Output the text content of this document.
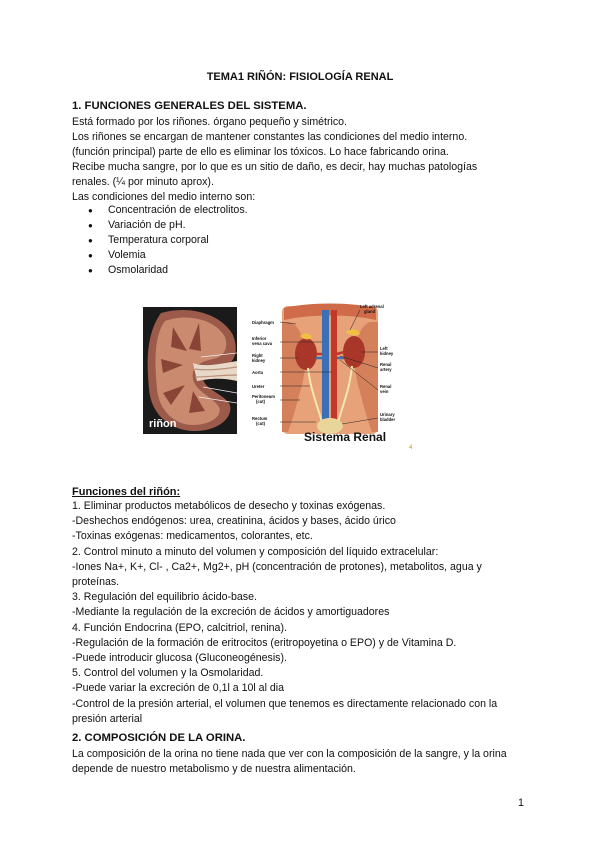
TEMA1 RIÑÓN: FISIOLOGÍA RENAL
1. FUNCIONES GENERALES DEL SISTEMA.
Está formado por los riñones. órgano pequeño y simétrico.
Los riñones se encargan de mantener constantes las condiciones del medio interno.
(función principal) parte de ello es eliminar los tóxicos. Lo hace fabricando orina.
Recibe mucha sangre, por lo que es un sitio de daño, es decir, hay muchas patologías
renales. (¼ por minuto aprox).
Las condiciones del medio interno son:
● Concentración de electrolitos.
● Variación de pH.
● Temperatura corporal
● Volemia
● Osmolaridad
riñon
Diaphragm
Inferior
vena cava
Right
kidney
Aorta
Ureter
Peritoneum
(cut)
Rectum
(cut)
Left adrenal
gland
Left
kidney
Renal
artery
Renal
vein
Urinary
bladder
Sistema Renal
4
Funciones del riñón:
1. Eliminar productos metabólicos de desecho y toxinas exógenas.
-Deshechos endógenos: urea, creatinina, ácidos y bases, ácido úrico
-Toxinas exógenas: medicamentos, colorantes, etc.
2. Control minuto a minuto del volumen y composición del líquido extracelular:
-Iones Na+, K+, Cl- , Ca2+, Mg2+, pH (concentración de protones), metabolitos, agua y
proteínas.
3. Regulación del equilibrio ácido-base.
-Mediante la regulación de la excreción de ácidos y amortiguadores
4. Función Endocrina (EPO, calcitriol, renina).
-Regulación de la formación de eritrocitos (eritropoyetina o EPO) y de Vitamina D.
-Puede introducir glucosa (Gluconeogénesis).
5. Control del volumen y la Osmolaridad.
-Puede variar la excreción de 0,1l a 10l al dia
-Control de la presión arterial, el volumen que tenemos es directamente relacionado con la
presión arterial
2. COMPOSICIÓN DE LA ORINA.
La composición de la orina no tiene nada que ver con la composición de la sangre, y la orina
depende de nuestro metabolismo y de nuestra alimentación.
1
